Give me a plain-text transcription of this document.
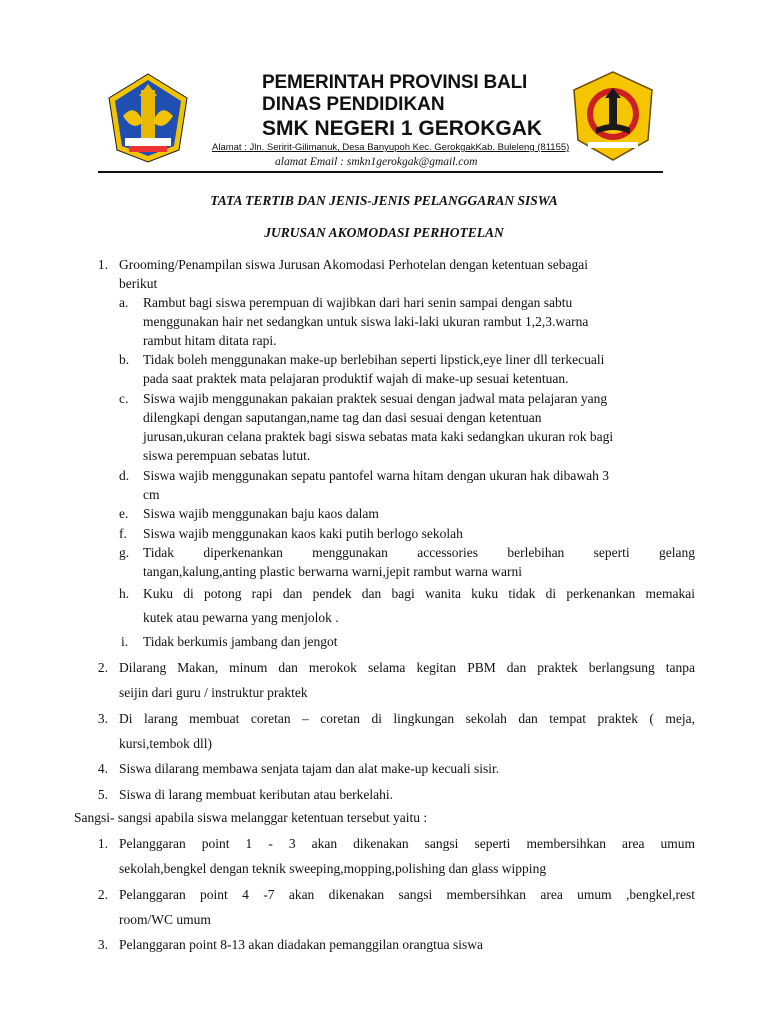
PEMERINTAH PROVINSI BALI
DINAS PENDIDIKAN
SMK NEGERI 1 GEROKGAK
Alamat : Jln. Seririt-Gilimanuk, Desa Banyupoh Kec. GerokgakKab. Buleleng (81155)
alamat Email : smkn1gerokgak@gmail.com
TATA TERTIB DAN JENIS-JENIS PELANGGARAN SISWA
JURUSAN AKOMODASI PERHOTELAN
1. Grooming/Penampilan siswa Jurusan Akomodasi Perhotelan dengan ketentuan sebagai
berikut
a. Rambut bagi siswa perempuan di wajibkan dari hari senin sampai dengan sabtu
menggunakan hair net sedangkan untuk siswa laki-laki ukuran rambut 1,2,3.warna
rambut hitam ditata rapi.
b. Tidak boleh menggunakan make-up berlebihan seperti lipstick,eye liner dll terkecuali
pada saat praktek mata pelajaran produktif wajah di make-up sesuai ketentuan.
c. Siswa wajib menggunakan pakaian praktek sesuai dengan jadwal mata pelajaran yang
dilengkapi dengan saputangan,name tag dan dasi sesuai dengan ketentuan
jurusan,ukuran celana praktek bagi siswa sebatas mata kaki sedangkan ukuran rok bagi
siswa perempuan sebatas lutut.
d. Siswa wajib menggunakan sepatu pantofel warna hitam dengan ukuran hak dibawah 3
cm
e. Siswa wajib menggunakan baju kaos dalam
f.	Siswa wajib menggunakan kaos kaki putih berlogo sekolah
g. Tidak diperkenankan menggunakan accessories berlebihan seperti gelang
tangan,kalung,anting plastic berwarna warni,jepit rambut warna warni
h. Kuku di potong rapi dan pendek dan bagi wanita kuku tidak di perkenankan memakai
kutek atau pewarna yang menjolok .
i.	Tidak berkumis jambang dan jengot
2. Dilarang Makan, minum dan merokok selama kegitan PBM dan praktek berlangsung tanpa
seijin dari guru / instruktur praktek
3. Di larang membuat coretan – coretan di lingkungan sekolah dan tempat praktek ( meja,
kursi,tembok dll)
4. Siswa dilarang membawa senjata tajam dan alat make-up kecuali sisir.
5. Siswa di larang membuat keributan atau berkelahi.
Sangsi- sangsi apabila siswa melanggar ketentuan tersebut yaitu :
1. Pelanggaran point 1 - 3 akan dikenakan sangsi seperti membersihkan area umum
sekolah,bengkel dengan teknik sweeping,mopping,polishing dan glass wipping
2. Pelanggaran point 4 -7 akan dikenakan sangsi membersihkan area umum ,bengkel,rest
room/WC umum
3. Pelanggaran point 8-13 akan diadakan pemanggilan orangtua siswa
